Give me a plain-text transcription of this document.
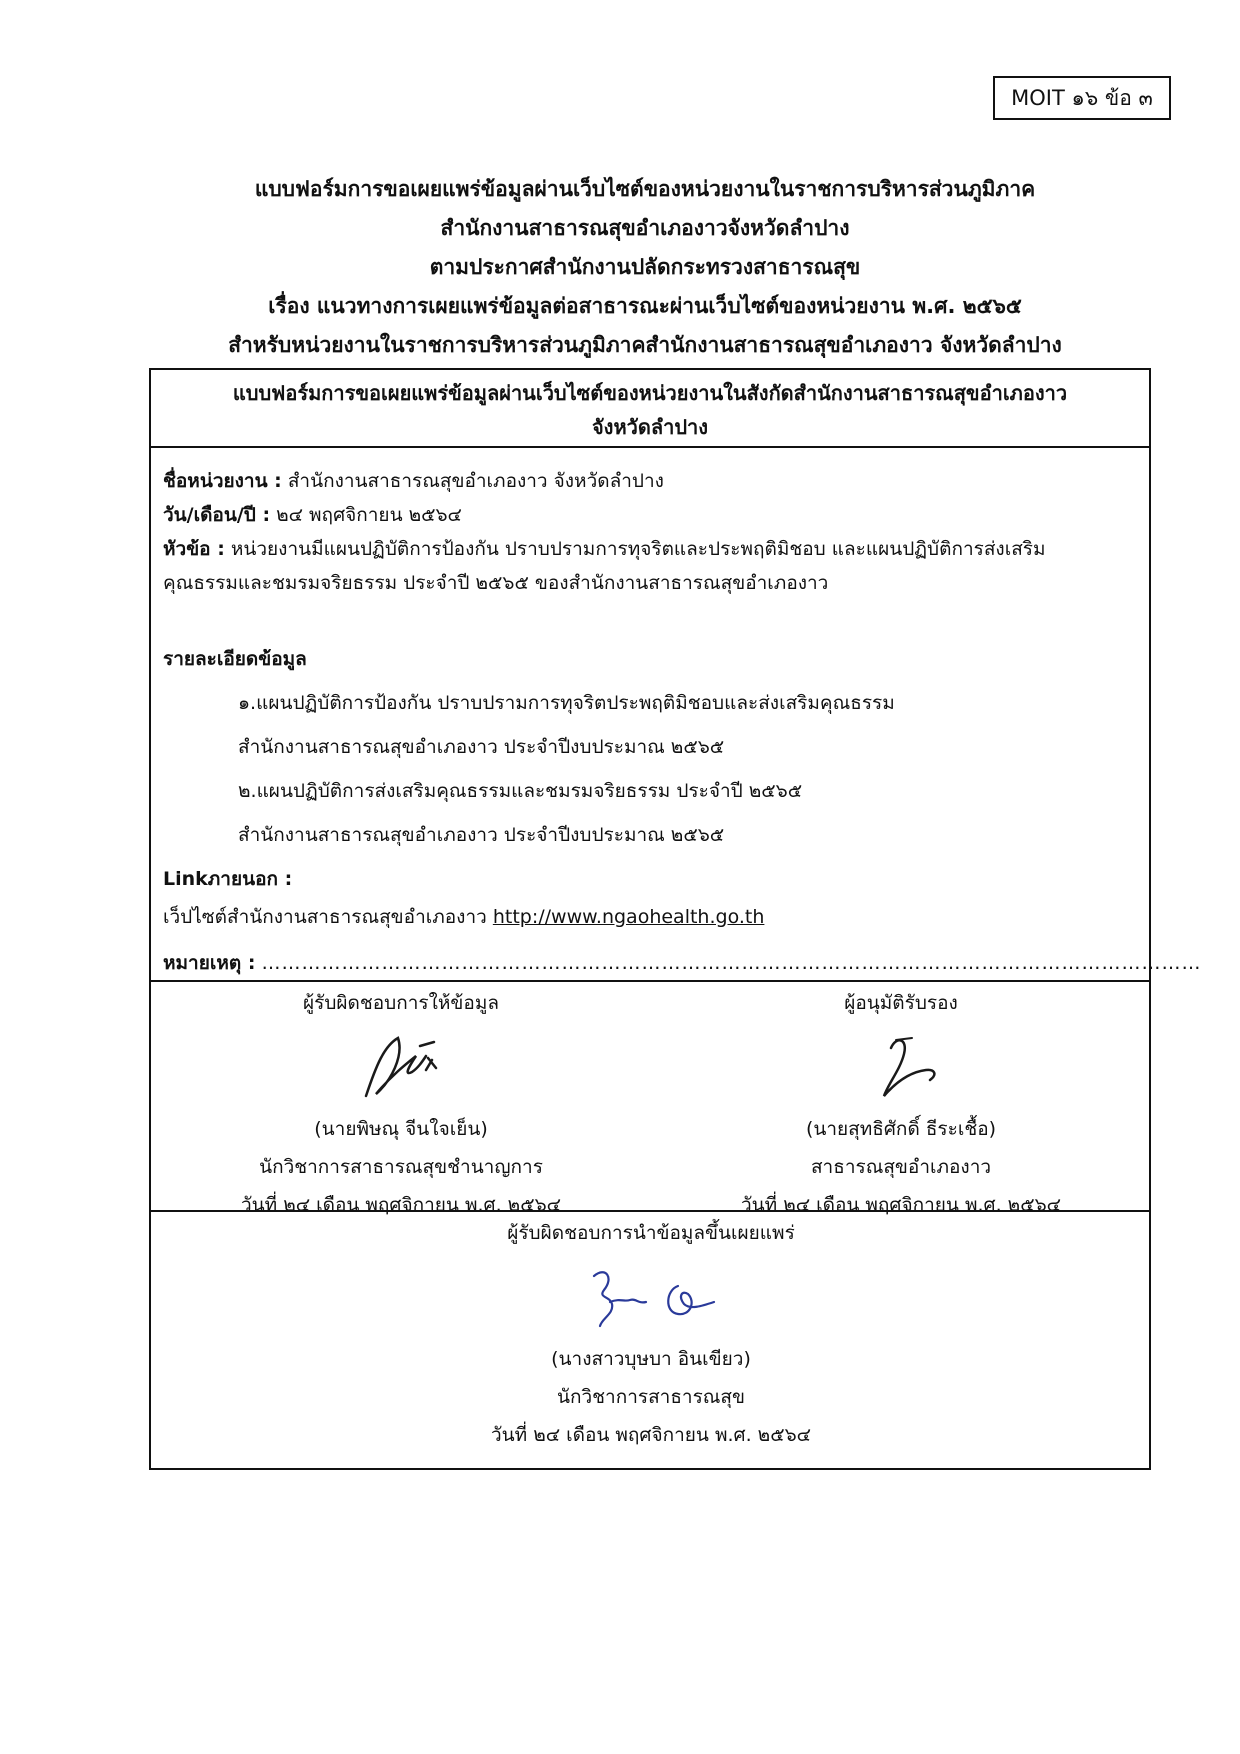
MOIT ๑๖ ข้อ ๓
แบบฟอร์มการขอเผยแพร่ข้อมูลผ่านเว็บไซต์ของหน่วยงานในราชการบริหารส่วนภูมิภาค
สำนักงานสาธารณสุขอำเภองาวจังหวัดลำปาง
ตามประกาศสำนักงานปลัดกระทรวงสาธารณสุข
เรื่อง แนวทางการเผยแพร่ข้อมูลต่อสาธารณะผ่านเว็บไซต์ของหน่วยงาน พ.ศ. ๒๕๖๕
สำหรับหน่วยงานในราชการบริหารส่วนภูมิภาคสำนักงานสาธารณสุขอำเภองาว จังหวัดลำปาง
แบบฟอร์มการขอเผยแพร่ข้อมูลผ่านเว็บไซต์ของหน่วยงานในสังกัดสำนักงานสาธารณสุขอำเภองาว
จังหวัดลำปาง
ชื่อหน่วยงาน : สำนักงานสาธารณสุขอำเภองาว จังหวัดลำปาง
วัน/เดือน/ปี : ๒๔ พฤศจิกายน ๒๕๖๔
หัวข้อ : หน่วยงานมีแผนปฏิบัติการป้องกัน ปราบปรามการทุจริตและประพฤติมิชอบ และแผนปฏิบัติการส่งเสริม
คุณธรรมและชมรมจริยธรรม ประจำปี ๒๕๖๕ ของสำนักงานสาธารณสุขอำเภองาว
รายละเอียดข้อมูล
๑.แผนปฏิบัติการป้องกัน ปราบปรามการทุจริตประพฤติมิชอบและส่งเสริมคุณธรรม
สำนักงานสาธารณสุขอำเภองาว ประจำปีงบประมาณ ๒๕๖๕
๒.แผนปฏิบัติการส่งเสริมคุณธรรมและชมรมจริยธรรม ประจำปี ๒๕๖๕
สำนักงานสาธารณสุขอำเภองาว ประจำปีงบประมาณ ๒๕๖๕
Linkภายนอก :
เว็ปไซต์สำนักงานสาธารณสุขอำเภองาว http://www.ngaohealth.go.th
หมายเหตุ : ……………………………………………………………………………………………………………………………
ผู้รับผิดชอบการให้ข้อมูล
(นายพิษณุ จีนใจเย็น)
นักวิชาการสาธารณสุขชำนาญการ
วันที่ ๒๔ เดือน พฤศจิกายน พ.ศ. ๒๕๖๔
ผู้อนุมัติรับรอง
(นายสุทธิศักดิ์ ธีระเชื้อ)
สาธารณสุขอำเภองาว
วันที่ ๒๔ เดือน พฤศจิกายน พ.ศ. ๒๕๖๔
ผู้รับผิดชอบการนำข้อมูลขึ้นเผยแพร่
(นางสาวบุษบา อินเขียว)
นักวิชาการสาธารณสุข
วันที่ ๒๔ เดือน พฤศจิกายน พ.ศ. ๒๕๖๔
